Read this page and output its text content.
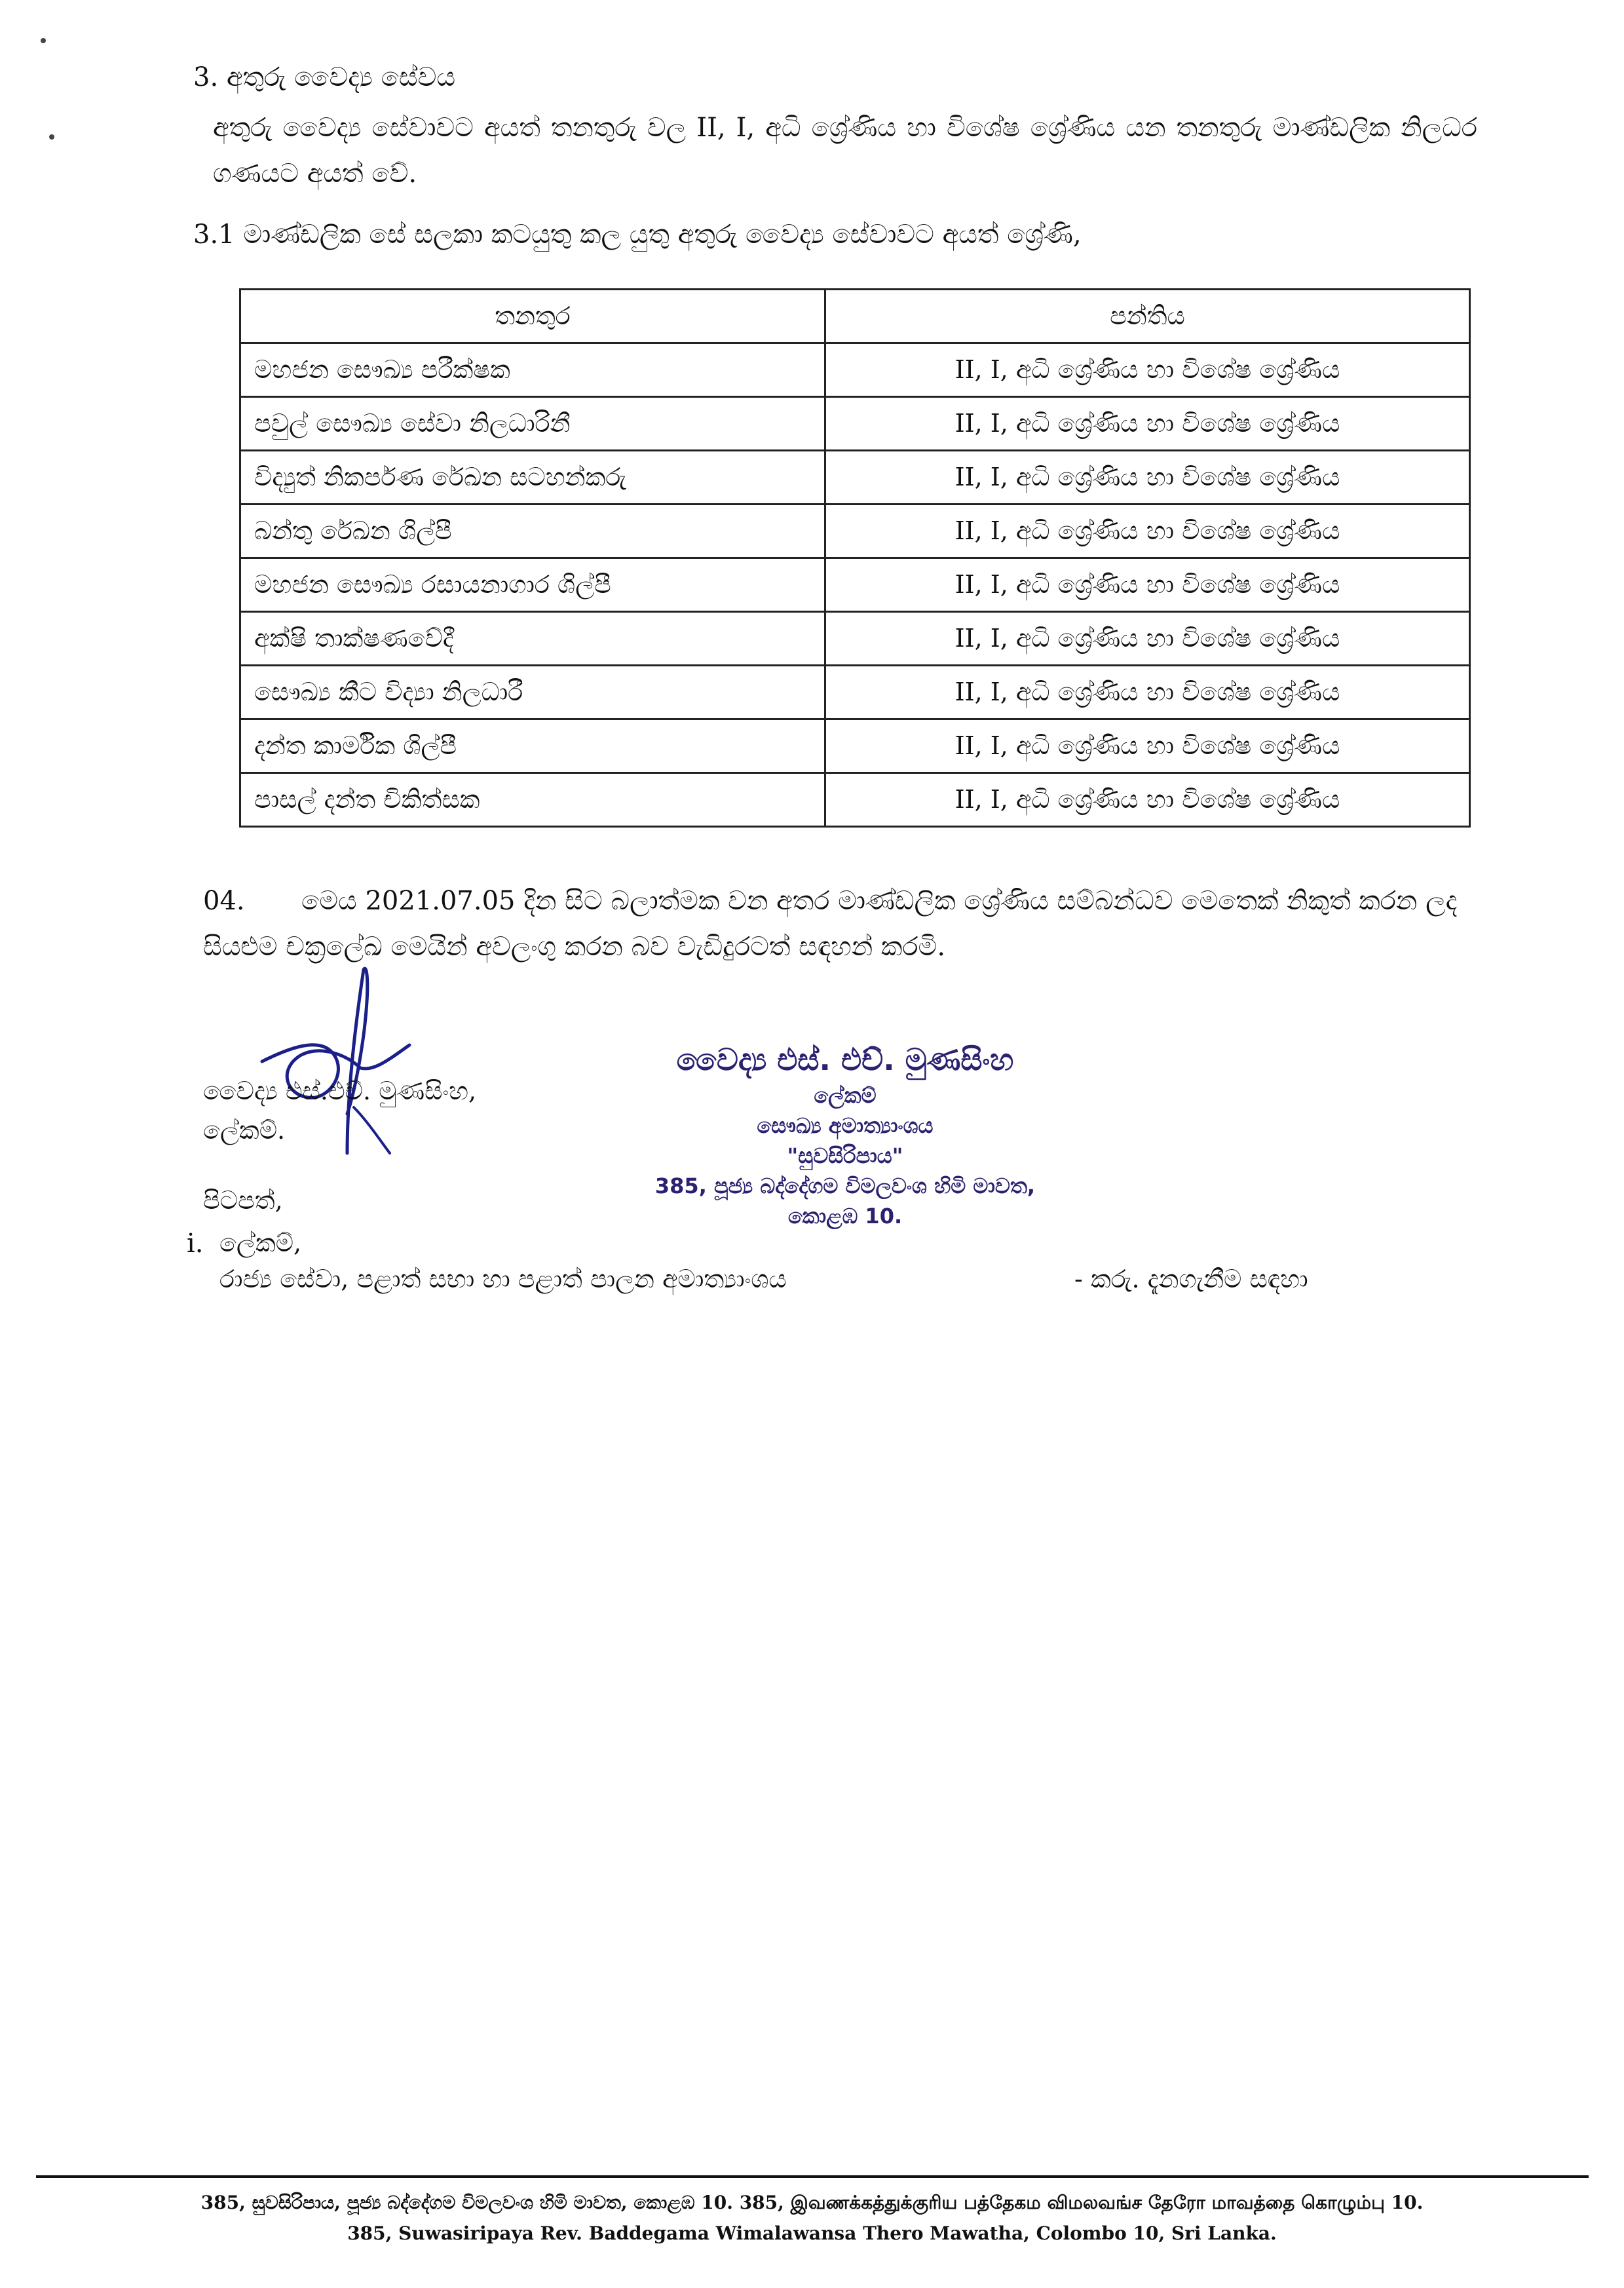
3. අතුරු වෛද්‍ය සේවය
අතුරු වෛද්‍ය සේවාවට අයත් තනතුරු වල II, I, අධි ශ්‍රේණිය හා විශේෂ ශ්‍රේණිය යන තනතුරු මාණ්ඩලික නිලධර ගණයට අයත් වේ.
3.1 මාණ්ඩලික සේ සලකා කටයුතු කල යුතු අතුරු වෛද්‍ය සේවාවට අයත් ශ්‍රේණි,
තනතුර	පන්තිය
මහජන සෞඛ්‍ය පරීක්ෂක	II, I, අධි ශ්‍රේණිය හා විශේෂ ශ්‍රේණිය
පවුල් සෞඛ්‍ය සේවා නිලධාරිනී	II, I, අධි ශ්‍රේණිය හා විශේෂ ශ්‍රේණිය
විද්‍යුත් නිකර්පණ රේඛන සටහන්කරු	II, I, අධි ශ්‍රේණිය හා විශේෂ ශ්‍රේණිය
බන්තු රේඛන ශිල්පී	II, I, අධි ශ්‍රේණිය හා විශේෂ ශ්‍රේණිය
මහජන සෞඛ්‍ය රසායනාගාර ශිල්පී	II, I, අධි ශ්‍රේණිය හා විශේෂ ශ්‍රේණිය
අක්ෂි තාක්ෂණවේදී	II, I, අධි ශ්‍රේණිය හා විශේෂ ශ්‍රේණිය
සෞඛ්‍ය කීට විද්‍යා නිලධාරී	II, I, අධි ශ්‍රේණිය හා විශේෂ ශ්‍රේණිය
දන්ත කාර්මික ශිල්පී	II, I, අධි ශ්‍රේණිය හා විශේෂ ශ්‍රේණිය
පාසල් දන්ත චිකිත්සක	II, I, අධි ශ්‍රේණිය හා විශේෂ ශ්‍රේණිය
04. මෙය 2021.07.05 දින සිට බලාත්මක වන අතර මාණ්ඩලික ශ්‍රේණිය සම්බන්ධව මෙතෙක් නිකුත් කරන ලද සියළුම චක්‍රලේඛ මෙයින් අවලංගු කරන බව වැඩිදුරටත් සඳහන් කරමි.
වෛද්‍ය එස්.එච්. මුණසිංහ,
ලේකම්.
වෛද්‍ය එස්. එච්. මුණසිංහ
ලේකම්
සෞඛ්‍ය අමාත්‍යාංශය
"සුවසිරිපාය"
385, පූජ්‍ය බද්දේගම විමලවංශ හිමි මාවත,
කොළඹ 10.
පිටපත්,
i. ලේකම්,
රාජ්‍ය සේවා, පළාත් සභා හා පළාත් පාලන අමාත්‍යාංශය	- කරු. දැනගැනීම සඳහා
385, සුවසිරිපාය, පූජ්‍ය බද්දේගම විමලවංශ හිමි මාවත, කොළඹ 10. 385, இவணக்கத்துக்குரிய பத்தேகம விமலவங்ச தேரோ மாவத்தை கொழும்பு 10.
385, Suwasiripaya Rev. Baddegama Wimalawansa Thero Mawatha, Colombo 10, Sri Lanka.
